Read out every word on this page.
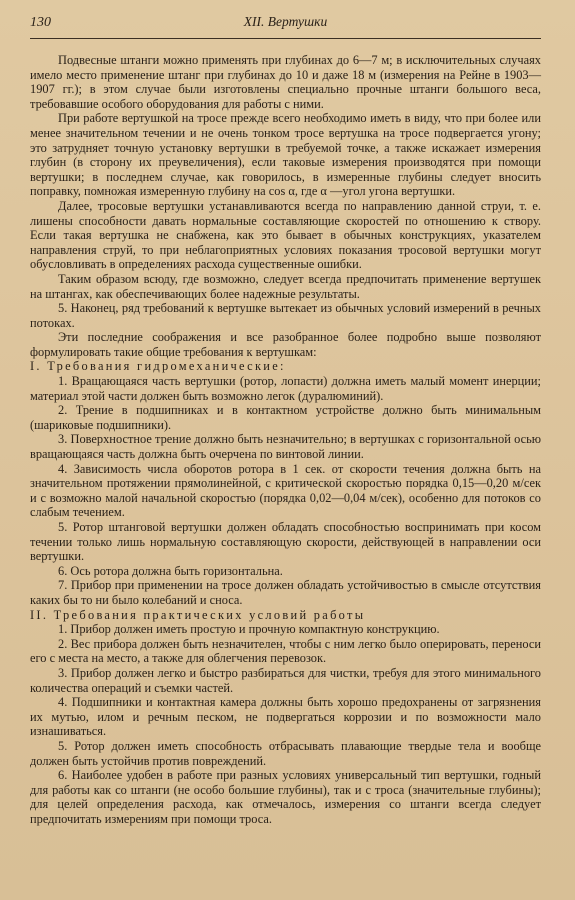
130	XII. Вертушки

Подвесные штанги можно применять при глубинах до 6—7 м; в исключительных случаях имело место применение штанг при глубинах до 10 и даже 18 м (измерения на Рейне в 1903—1907 гг.); в этом случае были изготовлены специально прочные штанги большого веса, требовавшие особого оборудования для работы с ними.

При работе вертушкой на тросе прежде всего необходимо иметь в виду, что при более или менее значительном течении и не очень тонком тросе вертушка на тросе подвергается угону; это затрудняет точную установку вертушки в требуемой точке, а также искажает измерения глубин (в сторону их преувеличения), если таковые измерения производятся при помощи вертушки; в последнем случае, как говорилось, в измеренные глубины следует вносить поправку, помножая измеренную глубину на cos α, где α —угол угона вертушки.

Далее, тросовые вертушки устанавливаются всегда по направлению данной струи, т. е. лишены способности давать нормальные составляющие скоростей по отношению к створу. Если такая вертушка не снабжена, как это бывает в обычных конструкциях, указателем направления струй, то при неблагоприятных условиях показания тросовой вертушки могут обусловливать в определениях расхода существенные ошибки.

Таким образом всюду, где возможно, следует всегда предпочитать применение вертушек на штангах, как обеспечивающих более надежные результаты.

5. Наконец, ряд требований к вертушке вытекает из обычных условий измерений в речных потоках.

Эти последние соображения и все разобранное более подробно выше позволяют формулировать такие общие требования к вертушкам:

I. Требования гидромеханические:

1. Вращающаяся часть вертушки (ротор, лопасти) должна иметь малый момент инерции; материал этой части должен быть возможно легок (дуралюминий).

2. Трение в подшипниках и в контактном устройстве должно быть минимальным (шариковые подшипники).

3. Поверхностное трение должно быть незначительно; в вертушках с горизонтальной осью вращающаяся часть должна быть очерчена по винтовой линии.

4. Зависимость числа оборотов ротора в 1 сек. от скорости течения должна быть на значительном протяжении прямолинейной, с критической скоростью порядка 0,15—0,20 м/сек и с возможно малой начальной скоростью (порядка 0,02—0,04 м/сек), особенно для потоков со слабым течением.

5. Ротор штанговой вертушки должен обладать способностью воспринимать при косом течении только лишь нормальную составляющую скорости, действующей в направлении оси вертушки.

6. Ось ротора должна быть горизонтальна.

7. Прибор при применении на тросе должен обладать устойчивостью в смысле отсутствия каких бы то ни было колебаний и сноса.

II. Требования практических условий работы

1. Прибор должен иметь простую и прочную компактную конструкцию.

2. Вес прибора должен быть незначителен, чтобы с ним легко было оперировать, переноси его с места на место, а также для облегчения перевозок.

3. Прибор должен легко и быстро разбираться для чистки, требуя для этого минимального количества операций и съемки частей.

4. Подшипники и контактная камера должны быть хорошо предохранены от загрязнения их мутью, илом и речным песком, не подвергаться коррозии и по возможности мало изнашиваться.

5. Ротор должен иметь способность отбрасывать плавающие твердые тела и вообще должен быть устойчив против повреждений.

6. Наиболее удобен в работе при разных условиях универсальный тип вертушки, годный для работы как со штанги (не особо большие глубины), так и с троса (значительные глубины); для целей определения расхода, как отмечалось, измерения со штанги всегда следует предпочитать измерениям при помощи троса.
